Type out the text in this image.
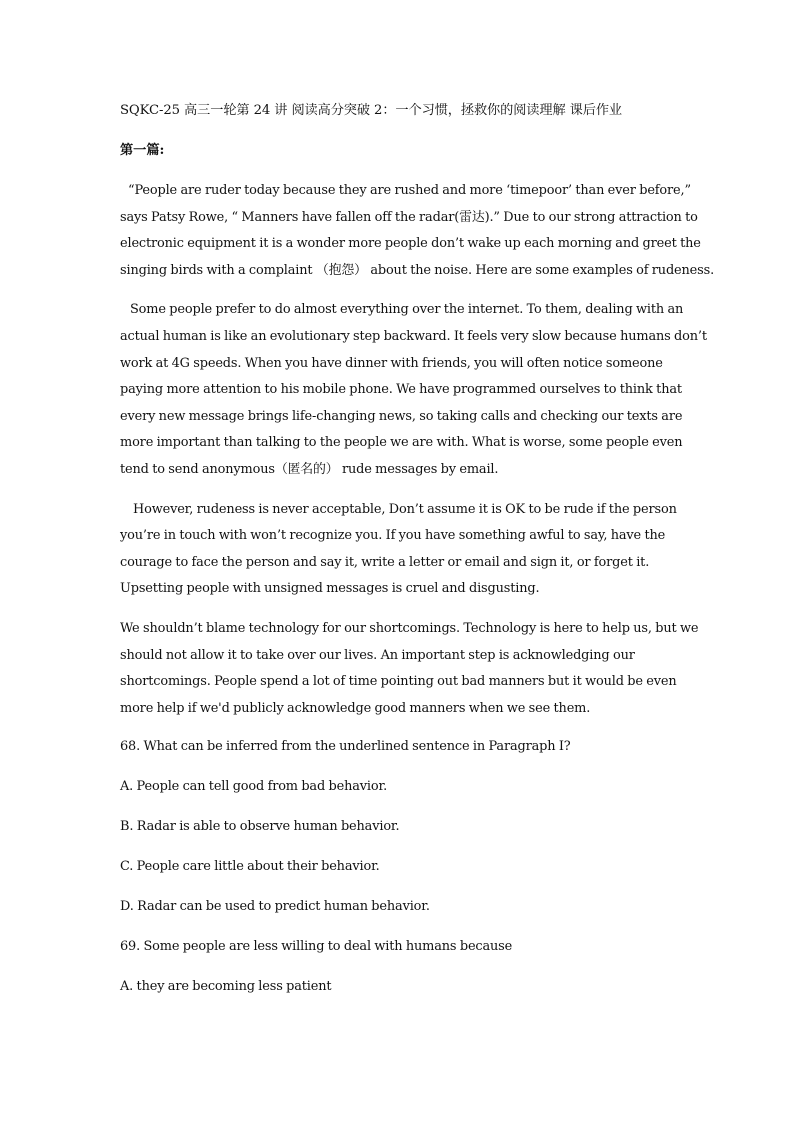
SQKC-25 高三一轮第 24 讲 阅读高分突破 2：一个习惯，拯救你的阅读理解 课后作业
第一篇:
“People are ruder today because they are rushed and more ‘timepoor’ than ever before,”
says Patsy Rowe, “ Manners have fallen off the radar(雷达).” Due to our strong attraction to
electronic equipment it is a wonder more people don’t wake up each morning and greet the
singing birds with a complaint （抱怨） about the noise. Here are some examples of rudeness.
Some people prefer to do almost everything over the internet. To them, dealing with an
actual human is like an evolutionary step backward. It feels very slow because humans don’t
work at 4G speeds. When you have dinner with friends, you will often notice someone
paying more attention to his mobile phone. We have programmed ourselves to think that
every new message brings life-changing news, so taking calls and checking our texts are
more important than talking to the people we are with. What is worse, some people even
tend to send anonymous（匿名的） rude messages by email.
However, rudeness is never acceptable, Don’t assume it is OK to be rude if the person
you’re in touch with won’t recognize you. If you have something awful to say, have the
courage to face the person and say it, write a letter or email and sign it, or forget it.
Upsetting people with unsigned messages is cruel and disgusting.
We shouldn’t blame technology for our shortcomings. Technology is here to help us, but we
should not allow it to take over our lives. An important step is acknowledging our
shortcomings. People spend a lot of time pointing out bad manners but it would be even
more help if we'd publicly acknowledge good manners when we see them.
68. What can be inferred from the underlined sentence in Paragraph Ⅰ?
A. People can tell good from bad behavior.
B. Radar is able to observe human behavior.
C. People care little about their behavior.
D. Radar can be used to predict human behavior.
69. Some people are less willing to deal with humans because
A. they are becoming less patient
